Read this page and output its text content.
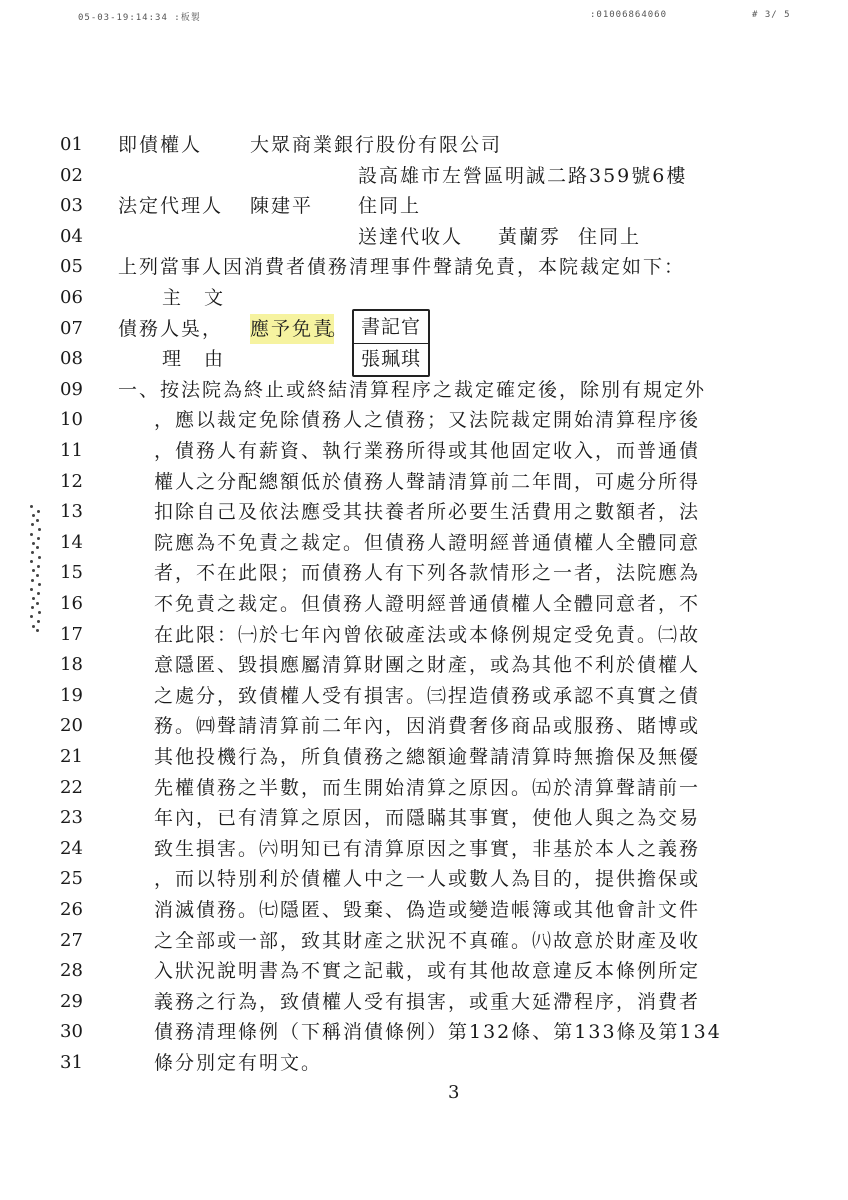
05-03-19:14:34 :板製	:01006864060	# 3/ 5
01	即債權人	大眾商業銀行股份有限公司
02	設高雄市左營區明誠二路359號6樓
03	法定代理人 陳建平 住同上
04	送達代收人 黃蘭雰 住同上
05	上列當事人因消費者債務清理事件聲請免責，本院裁定如下：
06	主　文
07	債務人吳， 應予免責
。
08	理　由
09	一、按法院為終止或終結清算程序之裁定確定後，除別有規定外
10	，應以裁定免除債務人之債務；又法院裁定開始清算程序後
11	，債務人有薪資、執行業務所得或其他固定收入，而普通債
12	權人之分配總額低於債務人聲請清算前二年間，可處分所得
13	扣除自己及依法應受其扶養者所必要生活費用之數額者，法
14	院應為不免責之裁定。但債務人證明經普通債權人全體同意
15	者，不在此限；而債務人有下列各款情形之一者，法院應為
16	不免責之裁定。但債務人證明經普通債權人全體同意者，不
17	在此限：㈠於七年內曾依破產法或本條例規定受免責。㈡故
18	意隱匿、毀損應屬清算財團之財產，或為其他不利於債權人
19	之處分，致債權人受有損害。㈢捏造債務或承認不真實之債
20	務。㈣聲請清算前二年內，因消費奢侈商品或服務、賭博或
21	其他投機行為，所負債務之總額逾聲請清算時無擔保及無優
22	先權債務之半數，而生開始清算之原因。㈤於清算聲請前一
23	年內，已有清算之原因，而隱瞞其事實，使他人與之為交易
24	致生損害。㈥明知已有清算原因之事實，非基於本人之義務
25	，而以特別利於債權人中之一人或數人為目的，提供擔保或
26	消滅債務。㈦隱匿、毀棄、偽造或變造帳簿或其他會計文件
27	之全部或一部，致其財產之狀況不真確。㈧故意於財產及收
28	入狀況說明書為不實之記載，或有其他故意違反本條例所定
29	義務之行為，致債權人受有損害，或重大延滯程序，消費者
30	債務清理條例（下稱消債條例）第132條、第133條及第134
31	條分別定有明文。
書記官
張珮琪
3
